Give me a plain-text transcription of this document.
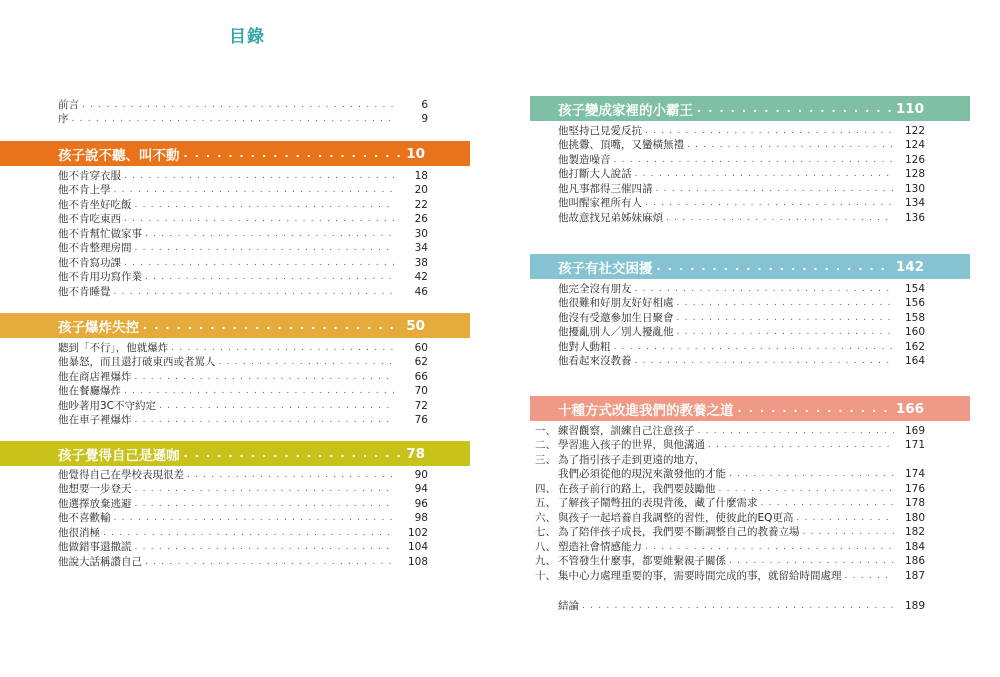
目錄
前言 . . .	6
序 . . .	9
孩子說不聽、叫不動 . . .	10
他不肯穿衣服 . . .	18
他不肯上學 . . .	20
他不肯坐好吃飯 . . .	22
他不肯吃東西 . . .	26
他不肯幫忙做家事 . . .	30
他不肯整理房間 . . .	34
他不肯寫功課 . . .	38
他不肯用功寫作業 . . .	42
他不肯睡覺 . . .	46
孩子爆炸失控 . . .	50
聽到「不行」，他就爆炸 . . .	60
他暴怒，而且還打破東西或者罵人 . . .	62
他在商店裡爆炸 . . .	66
他在餐廳爆炸 . . .	70
他吵著用3C不守約定 . . .	72
他在車子裡爆炸 . . .	76
孩子覺得自己是遜咖 . . .	78
他覺得自己在學校表現很差 . . .	90
他想要一步登天 . . .	94
他選擇放棄逃避 . . .	96
他不喜歡輸 . . .	98
他很消極 . . .	102
他做錯事還撒謊 . . .	104
他說大話稱讚自己 . . .	108
孩子變成家裡的小霸王 . . .	110
他堅持己見愛反抗 . . .	122
他挑釁、頂嘴，又蠻橫無禮 . . .	124
他製造噪音 . . .	126
他打斷大人說話 . . .	128
他凡事都得三催四請 . . .	130
他叫醒家裡所有人 . . .	134
他故意找兄弟姊妹麻煩 . . .	136
孩子有社交困擾 . . .	142
他完全沒有朋友 . . .	154
他很難和好朋友好好相處 . . .	156
他沒有受邀參加生日聚會 . . .	158
他擾亂別人／別人擾亂他 . . .	160
他對人動粗 . . .	162
他看起來沒教養 . . .	164
十種方式改進我們的教養之道 . . .	166
一、 練習觀察，訓練自己注意孩子 . . .	169
二、 學習進入孩子的世界，與他溝通 . . .	171
三、 為了指引孩子走到更遠的地方，
我們必須從他的現況來激發他的才能 . . .	174
四、 在孩子前行的路上，我們要鼓勵他 . . .	176
五、 了解孩子鬧彆扭的表現背後，藏了什麼需求 . . .	178
六、 與孩子一起培養自我調整的習性，使彼此的EQ更高 . . .	180
七、 為了陪伴孩子成長，我們要不斷調整自己的教養立場 . . .	182
八、 塑造社會情感能力 . . .	184
九、 不管發生什麼事，都要維繫親子關係 . . .	186
十、 集中心力處理重要的事，需要時間完成的事，就留給時間處理 . . .	187
結論 . . .	189
